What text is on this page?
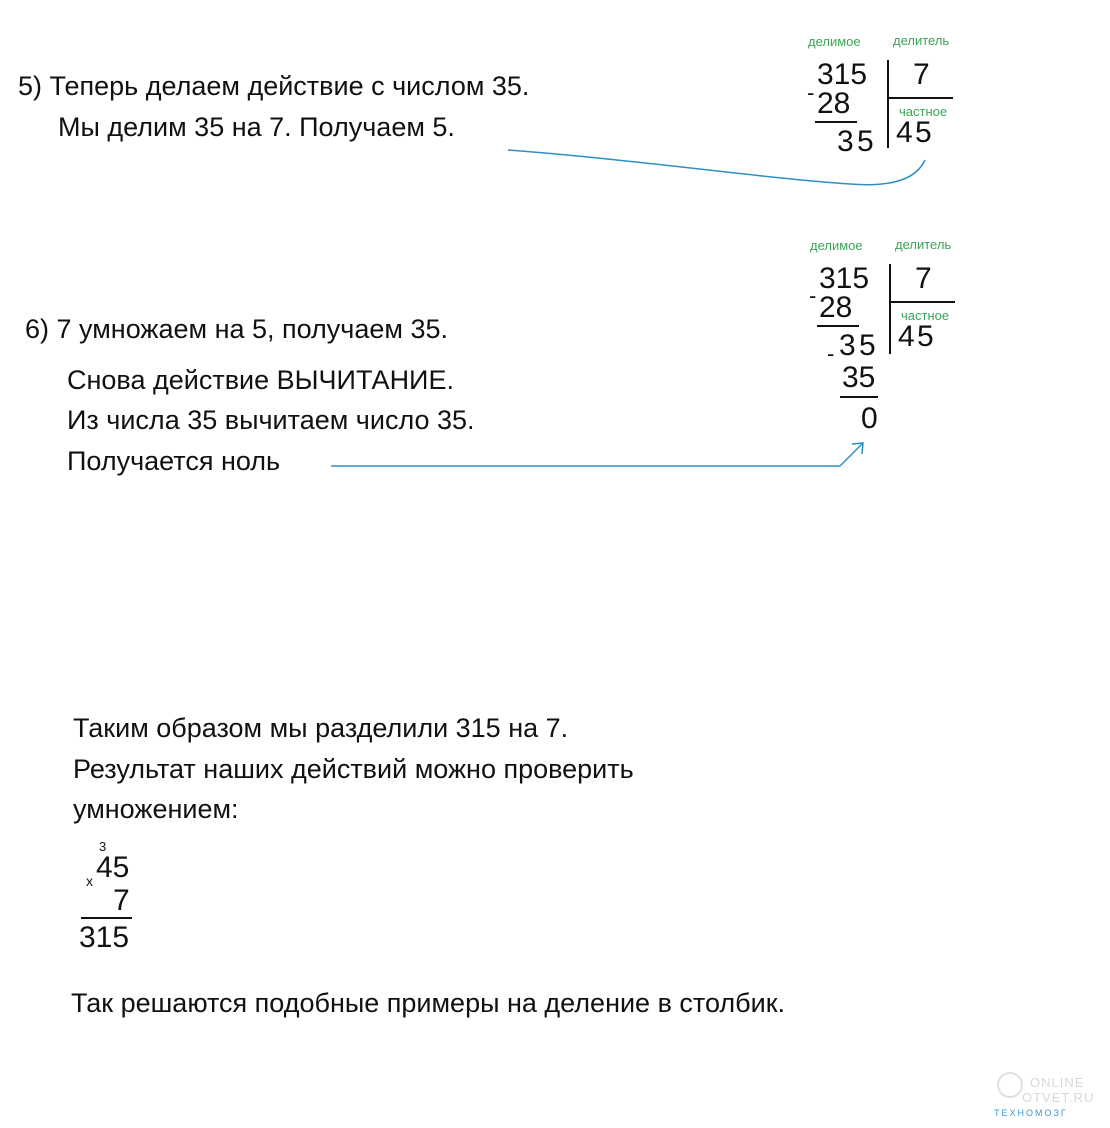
5) Теперь делаем действие с числом 35.
Мы делим 35 на 7. Получаем 5.
делимое делитель
315 7
частное
- 28
3 5 4 5
6) 7 умножаем на 5, получаем 35.
Снова действие ВЫЧИТАНИЕ.
Из числа 35 вычитаем число 35.
Получается ноль
делимое делитель
315 7
частное
- 28
- 3 5
35
0
4 5
Таким образом мы разделили 315 на 7.
Результат наших действий можно проверить
умножением:
3
x 45
7
315
Так решаются подобные примеры на деление в столбик.
ONLINE
OTVET.RU
ТЕХНОМОЗГ
